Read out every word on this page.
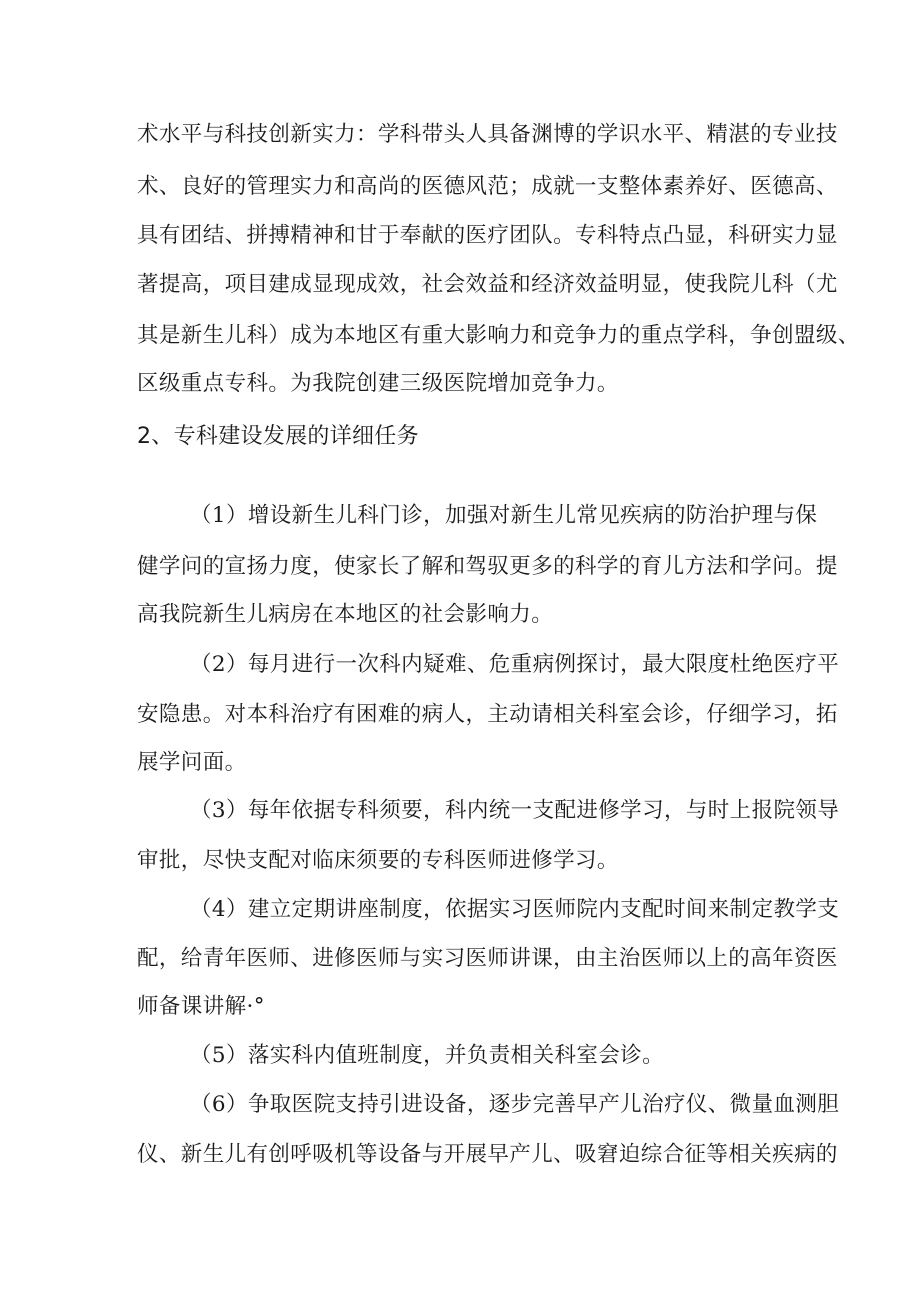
术水平与科技创新实力：学科带头人具备渊博的学识水平、精湛的专业技
术、良好的管理实力和高尚的医德风范；成就一支整体素养好、医德高、
具有团结、拼搏精神和甘于奉献的医疗团队。专科特点凸显，科研实力显
著提高，项目建成显现成效，社会效益和经济效益明显，使我院儿科（尤
其是新生儿科）成为本地区有重大影响力和竞争力的重点学科，争创盟级、
区级重点专科。为我院创建三级医院增加竞争力。
2、专科建设发展的详细任务
（1）增设新生儿科门诊，加强对新生儿常见疾病的防治护理与保
健学问的宣扬力度，使家长了解和驾驭更多的科学的育儿方法和学问。提
高我院新生儿病房在本地区的社会影响力。
（2）每月进行一次科内疑难、危重病例探讨，最大限度杜绝医疗平
安隐患。对本科治疗有困难的病人，主动请相关科室会诊，仔细学习，拓
展学问面。
（3）每年依据专科须要，科内统一支配进修学习，与时上报院领导
审批，尽快支配对临床须要的专科医师进修学习。
（4）建立定期讲座制度，依据实习医师院内支配时间来制定教学支
配，给青年医师、进修医师与实习医师讲课，由主治医师以上的高年资医
师备课讲解·°
（5）落实科内值班制度，并负责相关科室会诊。
（6）争取医院支持引进设备，逐步完善早产儿治疗仪、微量血测胆
仪、新生儿有创呼吸机等设备与开展早产儿、吸窘迫综合征等相关疾病的
